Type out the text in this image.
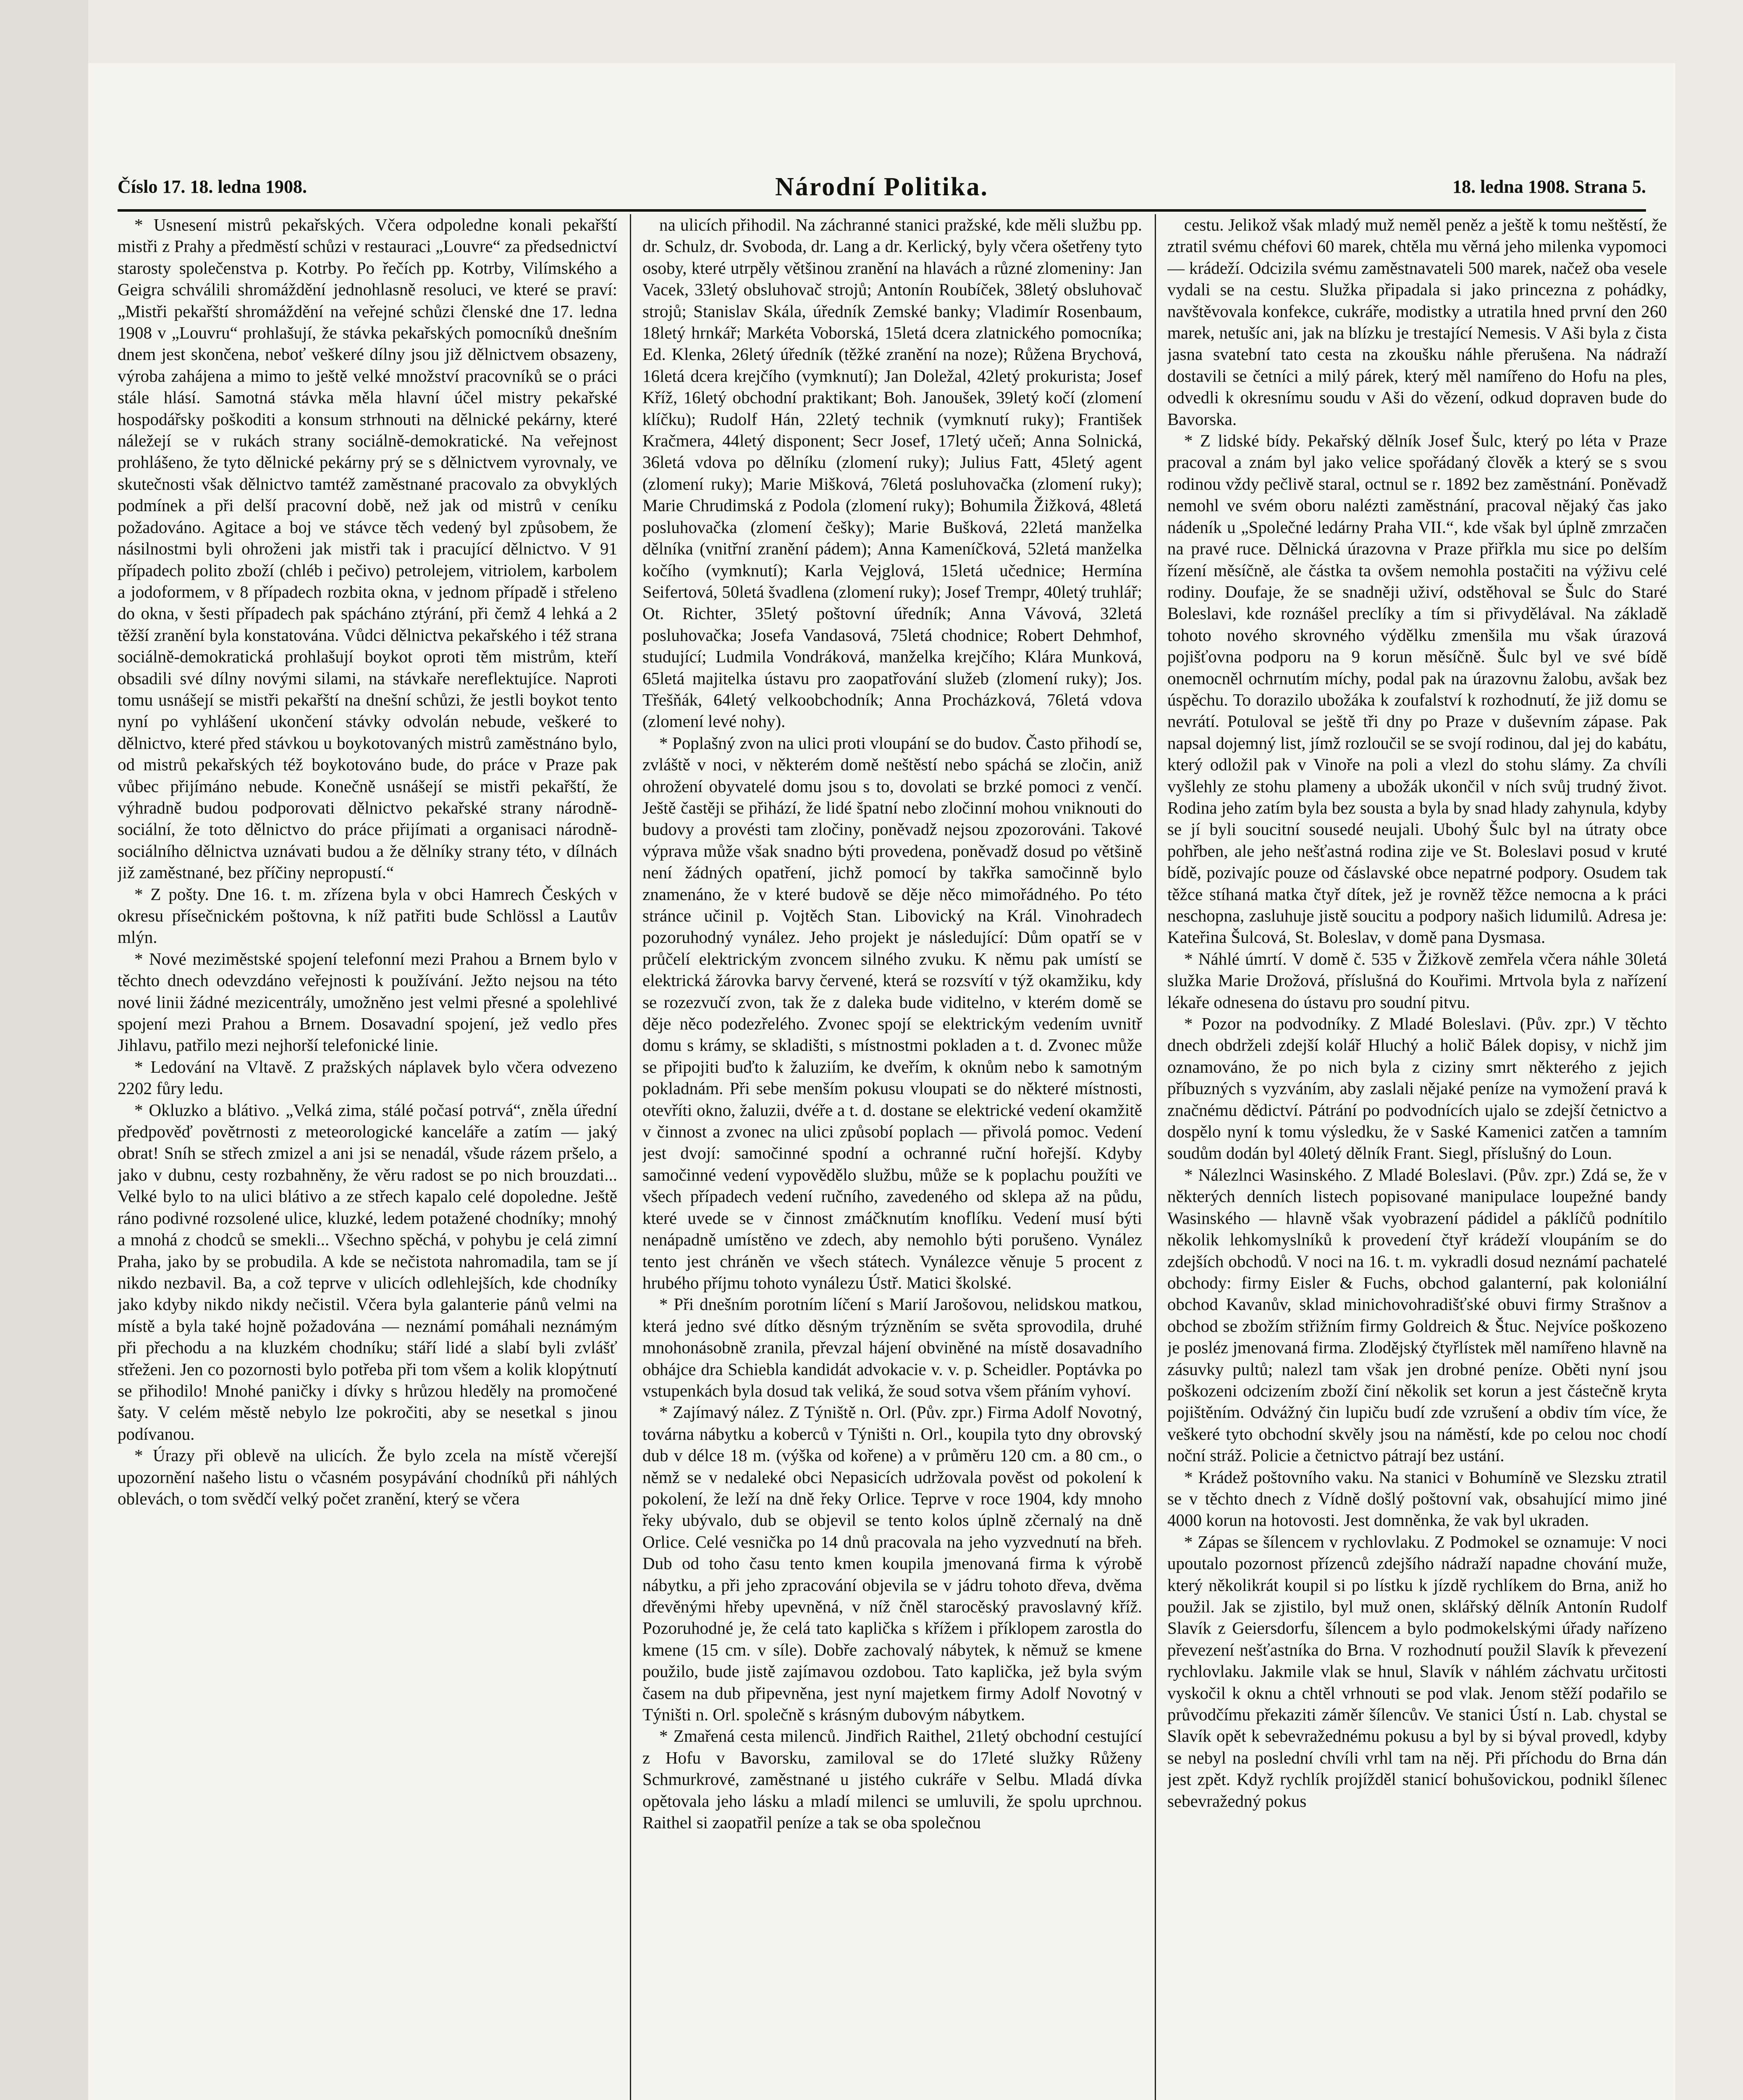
Číslo 17. 18. ledna 1908.	Národní Politika.	18. ledna 1908. Strana 5.

* Usnesení mistrů pekařských. Včera odpoledne konali pekařští mistři z Prahy a předměstí schůzi v restauraci „Louvre“ za předsednictví starosty společenstva p. Kotrby. Po řečích pp. Kotrby, Vilímského a Geigra schválili shromáždění jednohlasně resoluci, ve které se praví: „Mistři pekařští shromáždění na veřejné schůzi členské dne 17. ledna 1908 v „Louvru“ prohlašují, že stávka pekařských pomocníků dnešním dnem jest skončena, neboť veškeré dílny jsou již dělnictvem obsazeny, výroba zahájena a mimo to ještě velké množství pracovníků se o práci stále hlásí. Samotná stávka měla hlavní účel mistry pekařské hospodářsky poškoditi a konsum strhnouti na dělnické pekárny, které náležejí se v rukách strany sociálně-demokratické. Na veřejnost prohlášeno, že tyto dělnické pekárny prý se s dělnictvem vyrovnaly, ve skutečnosti však dělnictvo tamtéž zaměstnané pracovalo za obvyklých podmínek a při delší pracovní době, než jak od mistrů v ceníku požadováno. Agitace a boj ve stávce těch vedený byl způsobem, že násilnostmi byli ohroženi jak mistři tak i pracující dělnictvo. V 91 případech polito zboží (chléb i pečivo) petrolejem, vitriolem, karbolem a jodoformem, v 8 případech rozbita okna, v jednom případě i střeleno do okna, v šesti případech pak spácháno ztýrání, při čemž 4 lehká a 2 těžší zranění byla konstatována. Vůdci dělnictva pekařského i též strana sociálně-demokratická prohlašují boykot oproti těm mistrům, kteří obsadili své dílny novými silami, na stávkaře nereflektujíce. Naproti tomu usnášejí se mistři pekařští na dnešní schůzi, že jestli boykot tento nyní po vyhlášení ukončení stávky odvolán nebude, veškeré to dělnictvo, které před stávkou u boykotovaných mistrů zaměstnáno bylo, od mistrů pekařských též boykotováno bude, do práce v Praze pak vůbec přijímáno nebude. Konečně usnášejí se mistři pekařští, že výhradně budou podporovati dělnictvo pekařské strany národně-sociální, že toto dělnictvo do práce přijímati a organisaci národně-sociálního dělnictva uznávati budou a že dělníky strany této, v dílnách již zaměstnané, bez příčiny nepropustí.“

* Z pošty. Dne 16. t. m. zřízena byla v obci Hamrech Českých v okresu přísečnickém poštovna, k níž patřiti bude Schlössl a Lautův mlýn.

* Nové meziměstské spojení telefonní mezi Prahou a Brnem bylo v těchto dnech odevzdáno veřejnosti k používání. Ježto nejsou na této nové linii žádné mezicentrály, umožněno jest velmi přesné a spolehlivé spojení mezi Prahou a Brnem. Dosavadní spojení, jež vedlo přes Jihlavu, patřilo mezi nejhorší telefonické linie.

* Ledování na Vltavě. Z pražských náplavek bylo včera odvezeno 2202 fůry ledu.

* Okluzko a blátivo. „Velká zima, stálé počasí potrvá“, zněla úřední předpověď povětrnosti z meteorologické kanceláře a zatím — jaký obrat! Sníh se střech zmizel a ani jsi se nenadál, všude rázem pršelo, a jako v dubnu, cesty rozbahněny, že věru radost se po nich brouzdati... Velké bylo to na ulici blátivo a ze střech kapalo celé dopoledne. Ještě ráno podivné rozsolené ulice, kluzké, ledem potažené chodníky; mnohý a mnohá z chodců se smekli... Všechno spěchá, v pohybu je celá zimní Praha, jako by se probudila. A kde se nečistota nahromadila, tam se jí nikdo nezbavil. Ba, a což teprve v ulicích odlehlejších, kde chodníky jako kdyby nikdo nikdy nečistil. Včera byla galanterie pánů velmi na místě a byla také hojně požadována — neznámí pomáhali neznámým při přechodu a na kluzkém chodníku; stáří lidé a slabí byli zvlášť střeženi. Jen co pozornosti bylo potřeba při tom všem a kolik klopýtnutí se přihodilo! Mnohé paničky i dívky s hrůzou hleděly na promočené šaty. V celém městě nebylo lze pokročiti, aby se nesetkal s jinou podívanou.

* Úrazy při oblevě na ulicích. Že bylo zcela na místě včerejší upozornění našeho listu o včasném posypávání chodníků při náhlých oblevách, o tom svědčí velký počet zranění, který se včera

na ulicích přihodil. Na záchranné stanici pražské, kde měli službu pp. dr. Schulz, dr. Svoboda, dr. Lang a dr. Kerlický, byly včera ošetřeny tyto osoby, které utrpěly většinou zranění na hlavách a různé zlomeniny: Jan Vacek, 33letý obsluhovač strojů; Antonín Roubíček, 38letý obsluhovač strojů; Stanislav Skála, úředník Zemské banky; Vladimír Rosenbaum, 18letý hrnkář; Markéta Voborská, 15letá dcera zlatnického pomocníka; Ed. Klenka, 26letý úředník (těžké zranění na noze); Růžena Brychová, 16letá dcera krejčího (vymknutí); Jan Doležal, 42letý prokurista; Josef Kříž, 16letý obchodní praktikant; Boh. Janoušek, 39letý kočí (zlomení klíčku); Rudolf Hán, 22letý technik (vymknutí ruky); František Kračmera, 44letý disponent; Secr Josef, 17letý učeň; Anna Solnická, 36letá vdova po dělníku (zlomení ruky); Julius Fatt, 45letý agent (zlomení ruky); Marie Mišková, 76letá posluhovačka (zlomení ruky); Marie Chrudimská z Podola (zlomení ruky); Bohumila Žižková, 48letá posluhovačka (zlomení češky); Marie Bušková, 22letá manželka dělníka (vnitřní zranění pádem); Anna Kameníčková, 52letá manželka kočího (vymknutí); Karla Vejglová, 15letá učednice; Hermína Seifertová, 50letá švadlena (zlomení ruky); Josef Trempr, 40letý truhlář; Ot. Richter, 35letý poštovní úředník; Anna Vávová, 32letá posluhovačka; Josefa Vandasová, 75letá chodnice; Robert Dehmhof, studující; Ludmila Vondráková, manželka krejčího; Klára Munková, 65letá majitelka ústavu pro zaopatřování služeb (zlomení ruky); Jos. Třešňák, 64letý velkoobchodník; Anna Procházková, 76letá vdova (zlomení levé nohy).

* Poplašný zvon na ulici proti vloupání se do budov. Často přihodí se, zvláště v noci, v některém domě neštěstí nebo spáchá se zločin, aniž ohrožení obyvatelé domu jsou s to, dovolati se brzké pomoci z venčí. Ještě častěji se přihází, že lidé špatní nebo zločinní mohou vniknouti do budovy a provésti tam zločiny, poněvadž nejsou zpozorováni. Takové výprava může však snadno býti provedena, poněvadž dosud po většině není žádných opatření, jichž pomocí by takřka samočinně bylo znamenáno, že v které budově se děje něco mimořádného. Po této stránce učinil p. Vojtěch Stan. Libovický na Král. Vinohradech pozoruhodný vynález. Jeho projekt je následující: Dům opatří se v průčelí elektrickým zvoncem silného zvuku. K němu pak umístí se elektrická žárovka barvy červené, která se rozsvítí v týž okamžiku, kdy se rozezvučí zvon, tak že z daleka bude viditelno, v kterém domě se děje něco podezřelého. Zvonec spojí se elektrickým vedením uvnitř domu s krámy, se skladišti, s místnostmi pokladen a t. d. Zvonec může se připojiti buďto k žaluziím, ke dveřím, k oknům nebo k samotným pokladnám. Při sebe menším pokusu vloupati se do některé místnosti, otevříti okno, žaluzii, dvéře a t. d. dostane se elektrické vedení okamžitě v činnost a zvonec na ulici způsobí poplach — přivolá pomoc. Vedení jest dvojí: samočinné spodní a ochranné ruční hořejší. Kdyby samočinné vedení vypovědělo službu, může se k poplachu použíti ve všech případech vedení ručního, zavedeného od sklepa až na půdu, které uvede se v činnost zmáčknutím knoflíku. Vedení musí býti nenápadně umístěno ve zdech, aby nemohlo býti porušeno. Vynález tento jest chráněn ve všech státech. Vynálezce věnuje 5 procent z hrubého příjmu tohoto vynálezu Ústř. Matici školské.

* Při dnešním porotním líčení s Marií Jarošovou, nelidskou matkou, která jedno své dítko děsným trýzněním se světa sprovodila, druhé mnohonásobně zranila, převzal hájení obviněné na místě dosavadního obhájce dra Schiebla kandidát advokacie v. v. p. Scheidler. Poptávka po vstupenkách byla dosud tak veliká, že soud sotva všem přáním vyhoví.

* Zajímavý nález. Z Týniště n. Orl. (Pův. zpr.) Firma Adolf Novotný, továrna nábytku a koberců v Týništi n. Orl., koupila tyto dny obrovský dub v délce 18 m. (výška od kořene) a v průměru 120 cm. a 80 cm., o němž se v nedaleké obci Nepasicích udržovala pověst od pokolení k pokolení, že leží na dně řeky Orlice. Teprve v roce 1904, kdy mnoho řeky ubývalo, dub se objevil se tento kolos úplně zčernalý na dně Orlice. Celé vesnička po 14 dnů pracovala na jeho vyzvednutí na břeh. Dub od toho času tento kmen koupila jmenovaná firma k výrobě nábytku, a při jeho zpracování objevila se v jádru tohoto dřeva, dvěma dřevěnými hřeby upevněná, v níž čněl starocěský pravoslavný kříž. Pozoruhodné je, že celá tato kaplička s křížem i příklopem zarostla do kmene (15 cm. v síle). Dobře zachovalý nábytek, k němuž se kmene použilo, bude jistě zajímavou ozdobou. Tato kaplička, jež byla svým časem na dub připevněna, jest nyní majetkem firmy Adolf Novotný v Týništi n. Orl. společně s krásným dubovým nábytkem.

* Zmařená cesta milenců. Jindřich Raithel, 21letý obchodní cestující z Hofu v Bavorsku, zamiloval se do 17leté služky Růženy Schmurkrové, zaměstnané u jistého cukráře v Selbu. Mladá dívka opětovala jeho lásku a mladí milenci se umluvili, že spolu uprchnou. Raithel si zaopatřil peníze a tak se oba společnou

cestu. Jelikož však mladý muž neměl peněz a ještě k tomu neštěstí, že ztratil svému chéfovi 60 marek, chtěla mu věrná jeho milenka vypomoci — krádeží. Odcizila svému zaměstnavateli 500 marek, načež oba vesele vydali se na cestu. Služka připadala si jako princezna z pohádky, navštěvovala konfekce, cukráře, modistky a utratila hned první den 260 marek, netušíc ani, jak na blízku je trestající Nemesis. V Aši byla z čista jasna svatební tato cesta na zkoušku náhle přerušena. Na nádraží dostavili se četníci a milý párek, který měl namířeno do Hofu na ples, odvedli k okresnímu soudu v Aši do vězení, odkud dopraven bude do Bavorska.

* Z lidské bídy. Pekařský dělník Josef Šulc, který po léta v Praze pracoval a znám byl jako velice spořádaný člověk a který se s svou rodinou vždy pečlivě staral, octnul se r. 1892 bez zaměstnání. Poněvadž nemohl ve svém oboru nalézti zaměstnání, pracoval nějaký čas jako nádeník u „Společné ledárny Praha VII.“, kde však byl úplně zmrzačen na pravé ruce. Dělnická úrazovna v Praze přiřkla mu sice po delším řízení měsíčně, ale částka ta ovšem nemohla postačiti na výživu celé rodiny. Doufaje, že se snadněji uživí, odstěhoval se Šulc do Staré Boleslavi, kde roznášel preclíky a tím si přivydělával. Na základě tohoto nového skrovného výdělku zmenšila mu však úrazová pojišťovna podporu na 9 korun měsíčně. Šulc byl ve své bídě onemocněl ochrnutím míchy, podal pak na úrazovnu žalobu, avšak bez úspěchu. To dorazilo ubožáka k zoufalství k rozhodnutí, že již domu se nevrátí. Potuloval se ještě tři dny po Praze v duševním zápase. Pak napsal dojemný list, jímž rozloučil se se svojí rodinou, dal jej do kabátu, který odložil pak v Vinoře na poli a vlezl do stohu slámy. Za chvíli vyšlehly ze stohu plameny a ubožák ukončil v ních svůj trudný život. Rodina jeho zatím byla bez sousta a byla by snad hlady zahynula, kdyby se jí byli soucitní sousedé neujali. Ubohý Šulc byl na útraty obce pohřben, ale jeho nešťastná rodina zije ve St. Boleslavi posud v kruté bídě, pozivajíc pouze od čáslavské obce nepatrné podpory. Osudem tak těžce stíhaná matka čtyř dítek, jež je rovněž těžce nemocna a k práci neschopna, zasluhuje jistě soucitu a podpory našich lidumilů. Adresa je: Kateřina Šulcová, St. Boleslav, v domě pana Dysmasa.

* Náhlé úmrtí. V domě č. 535 v Žižkově zemřela včera náhle 30letá služka Marie Drožová, příslušná do Kouřimi. Mrtvola byla z nařízení lékaře odnesena do ústavu pro soudní pitvu.

* Pozor na podvodníky. Z Mladé Boleslavi. (Pův. zpr.) V těchto dnech obdrželi zdejší kolář Hluchý a holič Bálek dopisy, v nichž jim oznamováno, že po nich byla z ciziny smrt některého z jejich příbuzných s vyzváním, aby zaslali nějaké peníze na vymožení pravá k značnému dědictví. Pátrání po podvodnících ujalo se zdejší četnictvo a dospělo nyní k tomu výsledku, že v Saské Kamenici zatčen a tamním soudům dodán byl 40letý dělník Frant. Siegl, příslušný do Loun.

* Nálezlnci Wasinského. Z Mladé Boleslavi. (Pův. zpr.) Zdá se, že v některých denních listech popisované manipulace loupežné bandy Wasinského — hlavně však vyobrazení pádidel a páklíčů podnítilo několik lehkomyslníků k provedení čtyř krádeží vloupáním se do zdejších obchodů. V noci na 16. t. m. vykradli dosud neznámí pachatelé obchody: firmy Eisler & Fuchs, obchod galanterní, pak koloniální obchod Kavanův, sklad minichovohradišťské obuvi firmy Strašnov a obchod se zbožím střižním firmy Goldreich & Štuc. Nejvíce poškozeno je posléz jmenovaná firma. Zlodějský čtyřlístek měl namířeno hlavně na zásuvky pultů; nalezl tam však jen drobné peníze. Oběti nyní jsou poškozeni odcizením zboží činí několik set korun a jest částečně kryta pojištěním. Odvážný čin lupiču budí zde vzrušení a obdiv tím více, že veškeré tyto obchodní skvěly jsou na náměstí, kde po celou noc chodí noční stráž. Policie a četnictvo pátrají bez ustání.

* Krádež poštovního vaku. Na stanici v Bohumíně ve Slezsku ztratil se v těchto dnech z Vídně došlý poštovní vak, obsahující mimo jiné 4000 korun na hotovosti. Jest domněnka, že vak byl ukraden.

* Zápas se šílencem v rychlovlaku. Z Podmokel se oznamuje: V noci upoutalo pozornost přízenců zdejšího nádraží napadne chování muže, který několikrát koupil si po lístku k jízdě rychlíkem do Brna, aniž ho použil. Jak se zjistilo, byl muž onen, sklářský dělník Antonín Rudolf Slavík z Geiersdorfu, šílencem a bylo podmokelskými úřady nařízeno převezení nešťastníka do Brna. V rozhodnutí použil Slavík k převezení rychlovlaku. Jakmile vlak se hnul, Slavík v náhlém záchvatu určitosti vyskočil k oknu a chtěl vrhnouti se pod vlak. Jenom stěží podařilo se průvodčímu překaziti záměr šílencův. Ve stanici Ústí n. Lab. chystal se Slavík opět k sebevražednému pokusu a byl by si býval provedl, kdyby se nebyl na poslední chvíli vrhl tam na něj. Při příchodu do Brna dán jest zpět. Když rychlík projížděl stanicí bohušovickou, podnikl šílenec sebevražedný pokus
